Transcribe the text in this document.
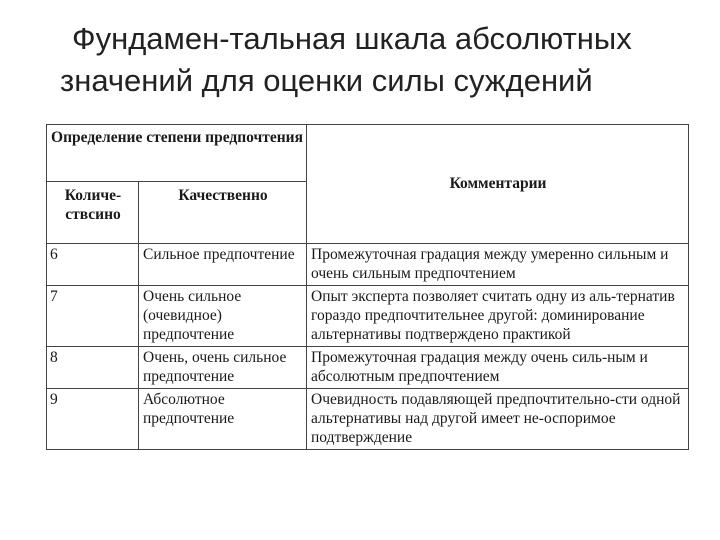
Фундамен-тальная шкала абсолютных
значений для оценки силы суждений
Определение степени предпочтения		Комментарии
Количе-ствсино	Качественно	
6	Сильное предпочтение	Промежуточная градация между умеренно сильным и очень сильным предпочтением
7	Очень сильное (очевидное) предпочтение	Опыт эксперта позволяет считать одну из аль-тернатив гораздо предпочтительнее другой: доминирование альтернативы подтверждено практикой
8	Очень, очень сильное предпочтение	Промежуточная градация между очень силь-ным и абсолютным предпочтением
9	Абсолютное предпочтение	Очевидность подавляющей предпочтительно-сти одной альтернативы над другой имеет не-оспоримое подтверждение
